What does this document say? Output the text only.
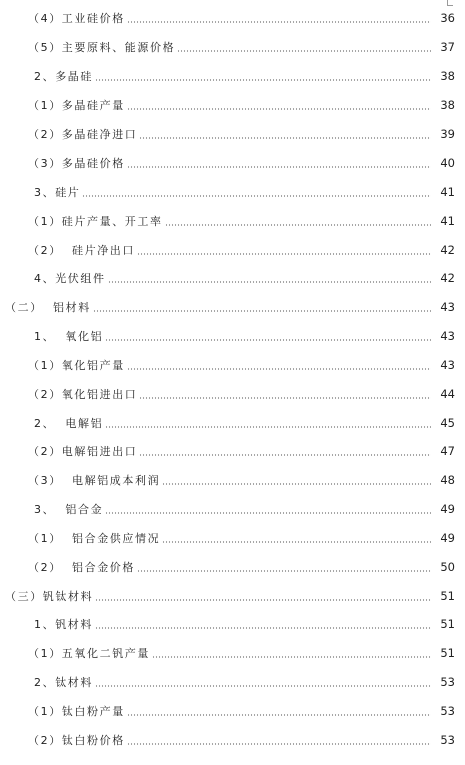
（4）工业硅价格	36
（5）主要原料、能源价格	37
2、多晶硅	38
（1）多晶硅产量	38
（2）多晶硅净进口	39
（3）多晶硅价格	40
3、硅片	41
（1）硅片产量、开工率	41
（2）  硅片净出口	42
4、光伏组件	42
（二）  铝材料	43
1、  氧化铝	43
（1）氧化铝产量	43
（2）氧化铝进出口	44
2、  电解铝	45
（2）电解铝进出口	47
（3）  电解铝成本利润	48
3、  铝合金	49
（1）  铝合金供应情况	49
（2）  铝合金价格	50
（三）钒钛材料	51
1、钒材料	51
（1）五氧化二钒产量	51
2、钛材料	53
（1）钛白粉产量	53
（2）钛白粉价格	53
